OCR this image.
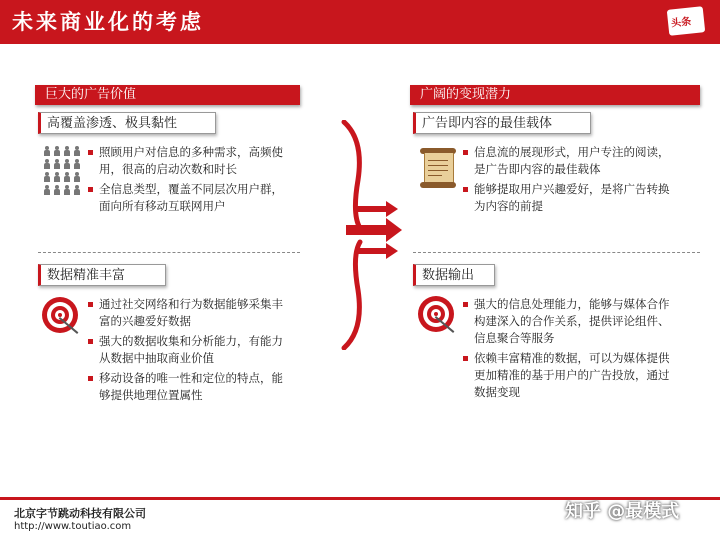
未来商业化的考虑	头条
巨大的广告价值
高覆盖渗透、极具黏性
照顾用户对信息的多种需求，高频使用，很高的启动次数和时长
全信息类型，覆盖不同层次用户群，面向所有移动互联网用户
数据精准丰富
通过社交网络和行为数据能够采集丰富的兴趣爱好数据
强大的数据收集和分析能力，有能力从数据中抽取商业价值
移动设备的唯一性和定位的特点，能够提供地理位置属性
广阔的变现潜力
广告即内容的最佳载体
信息流的展现形式，用户专注的阅读，是广告即内容的最佳载体
能够提取用户兴趣爱好，是将广告转换为内容的前提
数据输出
强大的信息处理能力，能够与媒体合作构建深入的合作关系，提供评论组件、信息聚合等服务
依赖丰富精准的数据，可以为媒体提供更加精准的基于用户的广告投放，通过数据变现
北京字节跳动科技有限公司
http://www.toutiao.com
知乎 @最模式
